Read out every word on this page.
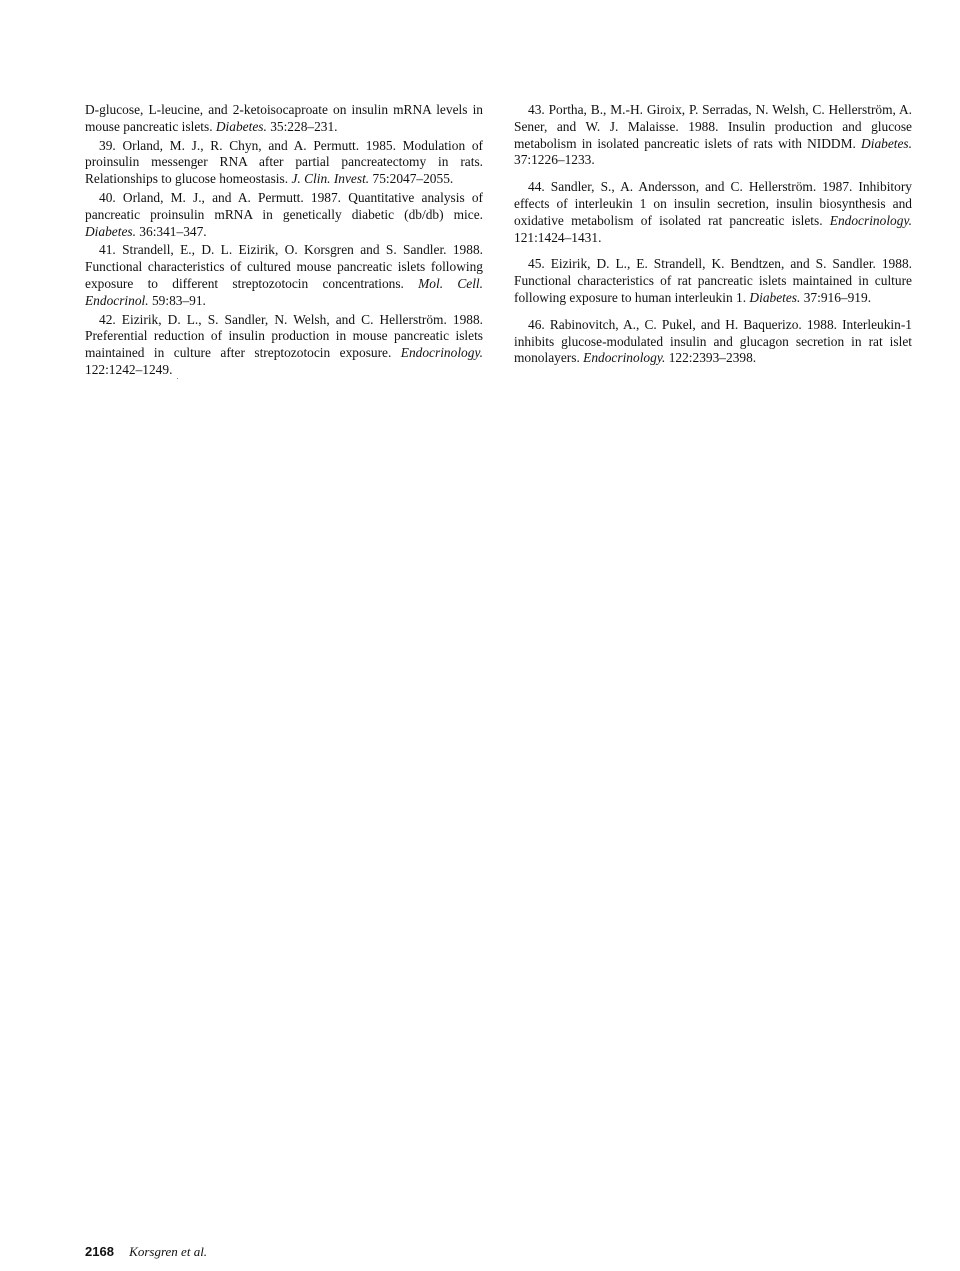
D-glucose, L-leucine, and 2-ketoisocaproate on insulin mRNA levels in mouse pancreatic islets. Diabetes. 35:228–231.

39. Orland, M. J., R. Chyn, and A. Permutt. 1985. Modulation of proinsulin messenger RNA after partial pancreatectomy in rats. Relationships to glucose homeostasis. J. Clin. Invest. 75:2047–2055.

40. Orland, M. J., and A. Permutt. 1987. Quantitative analysis of pancreatic proinsulin mRNA in genetically diabetic (db/db) mice. Diabetes. 36:341–347.

41. Strandell, E., D. L. Eizirik, O. Korsgren and S. Sandler. 1988. Functional characteristics of cultured mouse pancreatic islets following exposure to different streptozotocin concentrations. Mol. Cell. Endocrinol. 59:83–91.

42. Eizirik, D. L., S. Sandler, N. Welsh, and C. Hellerström. 1988. Preferential reduction of insulin production in mouse pancreatic islets maintained in culture after streptozotocin exposure. Endocrinology. 122:1242–1249.

43. Portha, B., M.-H. Giroix, P. Serradas, N. Welsh, C. Hellerström, A. Sener, and W. J. Malaisse. 1988. Insulin production and glucose metabolism in isolated pancreatic islets of rats with NIDDM. Diabetes. 37:1226–1233.

44. Sandler, S., A. Andersson, and C. Hellerström. 1987. Inhibitory effects of interleukin 1 on insulin secretion, insulin biosynthesis and oxidative metabolism of isolated rat pancreatic islets. Endocrinology. 121:1424–1431.

45. Eizirik, D. L., E. Strandell, K. Bendtzen, and S. Sandler. 1988. Functional characteristics of rat pancreatic islets maintained in culture following exposure to human interleukin 1. Diabetes. 37:916–919.

46. Rabinovitch, A., C. Pukel, and H. Baquerizo. 1988. Interleukin-1 inhibits glucose-modulated insulin and glucagon secretion in rat islet monolayers. Endocrinology. 122:2393–2398.

2168 Korsgren et al.
